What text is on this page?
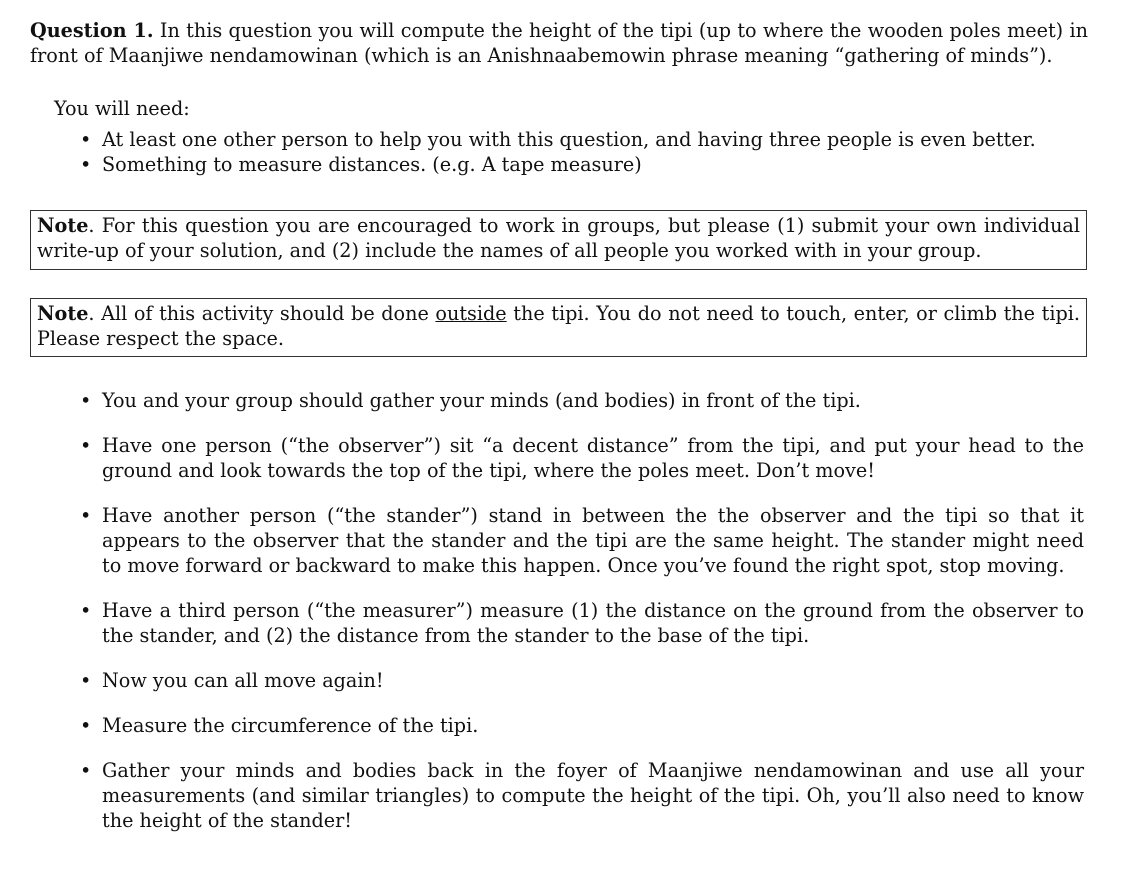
Question 1. In this question you will compute the height of the tipi (up to where the wooden poles meet) in front of Maanjiwe nendamowinan (which is an Anishnaabemowin phrase meaning “gathering of minds”).
You will need:
• At least one other person to help you with this question, and having three people is even better.
• Something to measure distances. (e.g. A tape measure)
Note. For this question you are encouraged to work in groups, but please (1) submit your own individual write-up of your solution, and (2) include the names of all people you worked with in your group.
Note. All of this activity should be done outside the tipi. You do not need to touch, enter, or climb the tipi. Please respect the space.
• You and your group should gather your minds (and bodies) in front of the tipi.
• Have one person (“the observer”) sit “a decent distance” from the tipi, and put your head to the ground and look towards the top of the tipi, where the poles meet. Don’t move!
• Have another person (“the stander”) stand in between the the observer and the tipi so that it appears to the observer that the stander and the tipi are the same height. The stander might need to move forward or backward to make this happen. Once you’ve found the right spot, stop moving.
• Have a third person (“the measurer”) measure (1) the distance on the ground from the observer to the stander, and (2) the distance from the stander to the base of the tipi.
• Now you can all move again!
• Measure the circumference of the tipi.
• Gather your minds and bodies back in the foyer of Maanjiwe nendamowinan and use all your measurements (and similar triangles) to compute the height of the tipi. Oh, you’ll also need to know the height of the stander!
